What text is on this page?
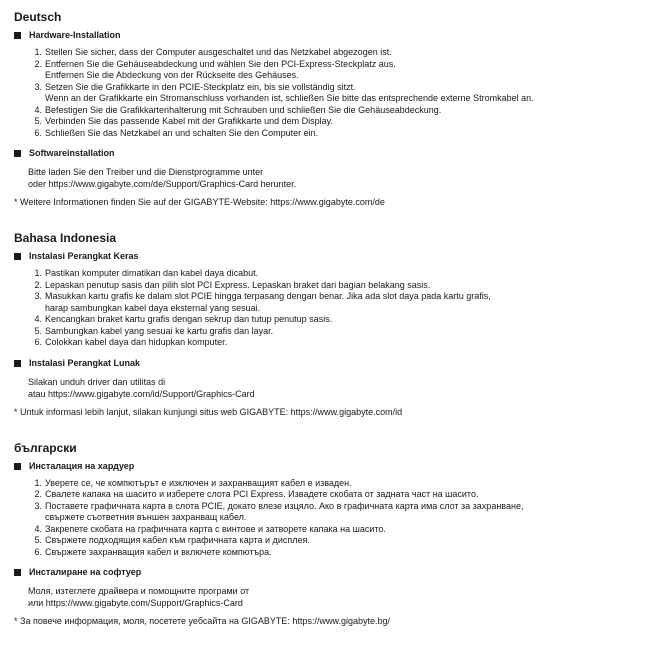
Deutsch
Hardware-Installation
1. Stellen Sie sicher, dass der Computer ausgeschaltet und das Netzkabel abgezogen ist.
2. Entfernen Sie die Gehäuseabdeckung und wählen Sie den PCI-Express-Steckplatz aus.
Entfernen Sie die Abdeckung von der Rückseite des Gehäuses.
3. Setzen Sie die Grafikkarte in den PCIE-Steckplatz ein, bis sie vollständig sitzt.
Wenn an der Grafikkarte ein Stromanschluss vorhanden ist, schließen Sie bitte das entsprechende externe Stromkabel an.
4. Befestigen Sie die Grafikkartenhalterung mit Schrauben und schließen Sie die Gehäuseabdeckung.
5. Verbinden Sie das passende Kabel mit der Grafikkarte und dem Display.
6. Schließen Sie das Netzkabel an und schalten Sie den Computer ein.
Softwareinstallation
Bitte laden Sie den Treiber und die Dienstprogramme unter
oder https://www.gigabyte.com/de/Support/Graphics-Card herunter.
* Weitere Informationen finden Sie auf der GIGABYTE-Website: https://www.gigabyte.com/de
Bahasa Indonesia
Instalasi Perangkat Keras
1. Pastikan komputer dimatikan dan kabel daya dicabut.
2. Lepaskan penutup sasis dan pilih slot PCI Express. Lepaskan braket dari bagian belakang sasis.
3. Masukkan kartu grafis ke dalam slot PCIE hingga terpasang dengan benar. Jika ada slot daya pada kartu grafis,
harap sambungkan kabel daya eksternal yang sesuai.
4. Kencangkan braket kartu grafis dengan sekrup dan tutup penutup sasis.
5. Sambungkan kabel yang sesuai ke kartu grafis dan layar.
6. Colokkan kabel daya dan hidupkan komputer.
Instalasi Perangkat Lunak
Silakan unduh driver dan utilitas di
atau https://www.gigabyte.com/id/Support/Graphics-Card
* Untuk informasi lebih lanjut, silakan kunjungi situs web GIGABYTE: https://www.gigabyte.com/id
български
Инсталация на хардуер
1. Уверете се, че компютърът е изключен и захранващият кабел е изваден.
2. Свалете капака на шасито и изберете слота PCI Express. Извадете скобата от задната част на шасито.
3. Поставете графичната карта в слота PCIE, докато влезе изцяло. Ако в графичната карта има слот за захранване,
свържете съответния външен захранващ кабел.
4. Закрепете скобата на графичната карта с винтове и затворете капака на шасито.
5. Свържете подходящия кабел към графичната карта и дисплея.
6. Свържете захранващия кабел и включете компютъра.
Инсталиране на софтуер
Моля, изтеглете драйвера и помощните програми от
или https://www.gigabyte.com/Support/Graphics-Card
* За повече информация, моля, посетете уебсайта на GIGABYTE: https://www.gigabyte.bg/
